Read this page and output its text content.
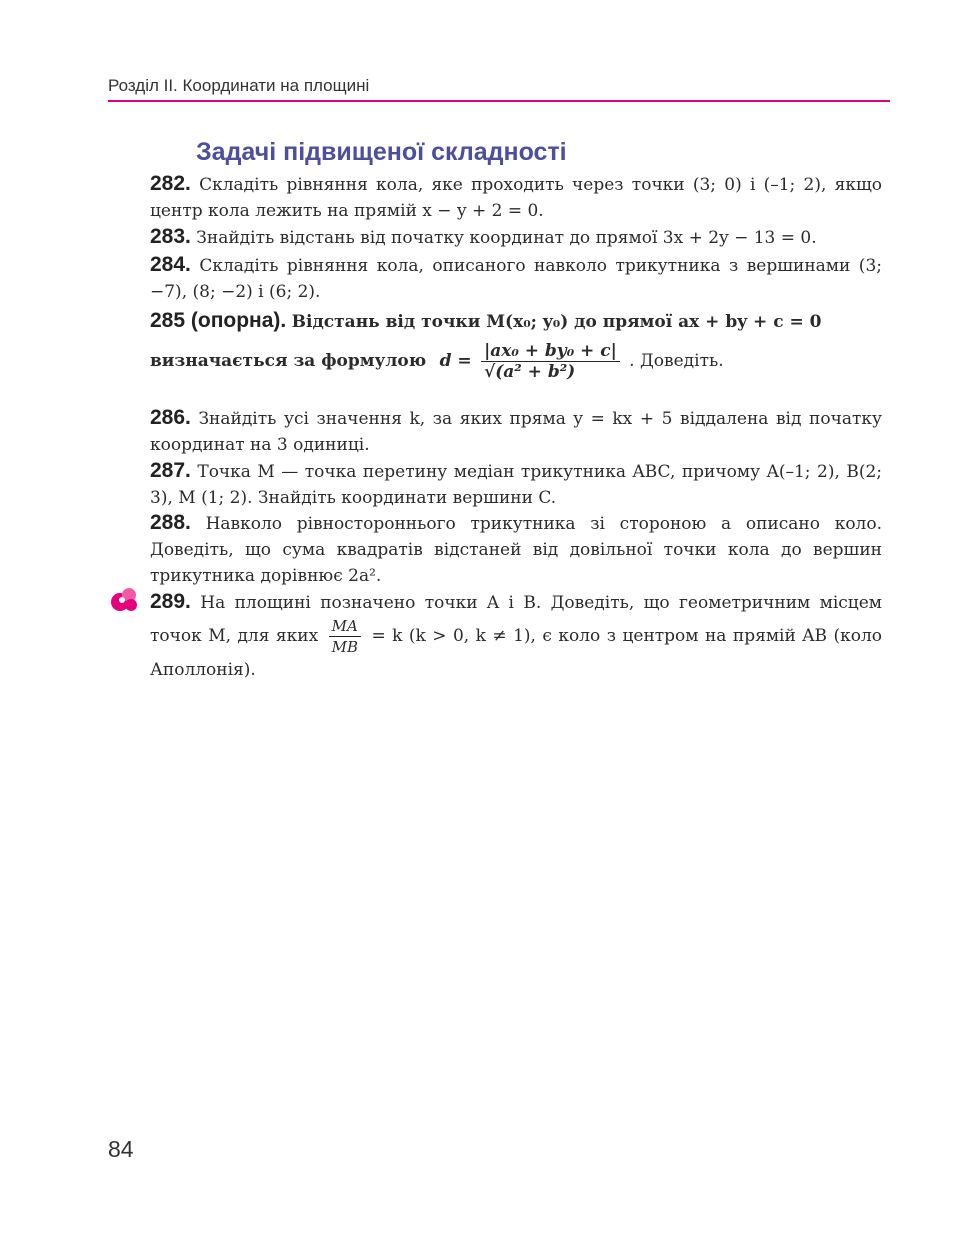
Розділ II. Координати на площині
Задачі підвищеної складності
282. Складіть рівняння кола, яке проходить через точки (3; 0) і (–1; 2), якщо центр кола лежить на прямій x − y + 2 = 0.
283. Знайдіть відстань від початку координат до прямої 3x + 2y − 13 = 0.
284. Складіть рівняння кола, описаного навколо трикутника з вершинами (3; −7), (8; −2) і (6; 2).
285 (опорна). Відстань від точки M(x₀; y₀) до прямої ax + by + c = 0
визначається за формулою $d = \frac{\text{|ax₀ + by₀ + c|}}{\text{√(a² + b²)}}$ . Доведіть.
286. Знайдіть усі значення k, за яких пряма y = kx + 5 віддалена від початку координат на 3 одиниці.
287. Точка M — точка перетину медіан трикутника ABC, причому A(–1; 2), B(2; 3), M (1; 2). Знайдіть координати вершини C.
288. Навколо рівностороннього трикутника зі стороною a описано коло. Доведіть, що сума квадратів відстаней від довільної точки кола до вершин трикутника дорівнює 2a².
289. На площині позначено точки A і B. Доведіть, що геометричним місцем точок M, для яких $\frac{MA}{MB} = k$ (k > 0, k ≠ 1), є коло з центром на прямій AB (коло Аполлонія).
84
